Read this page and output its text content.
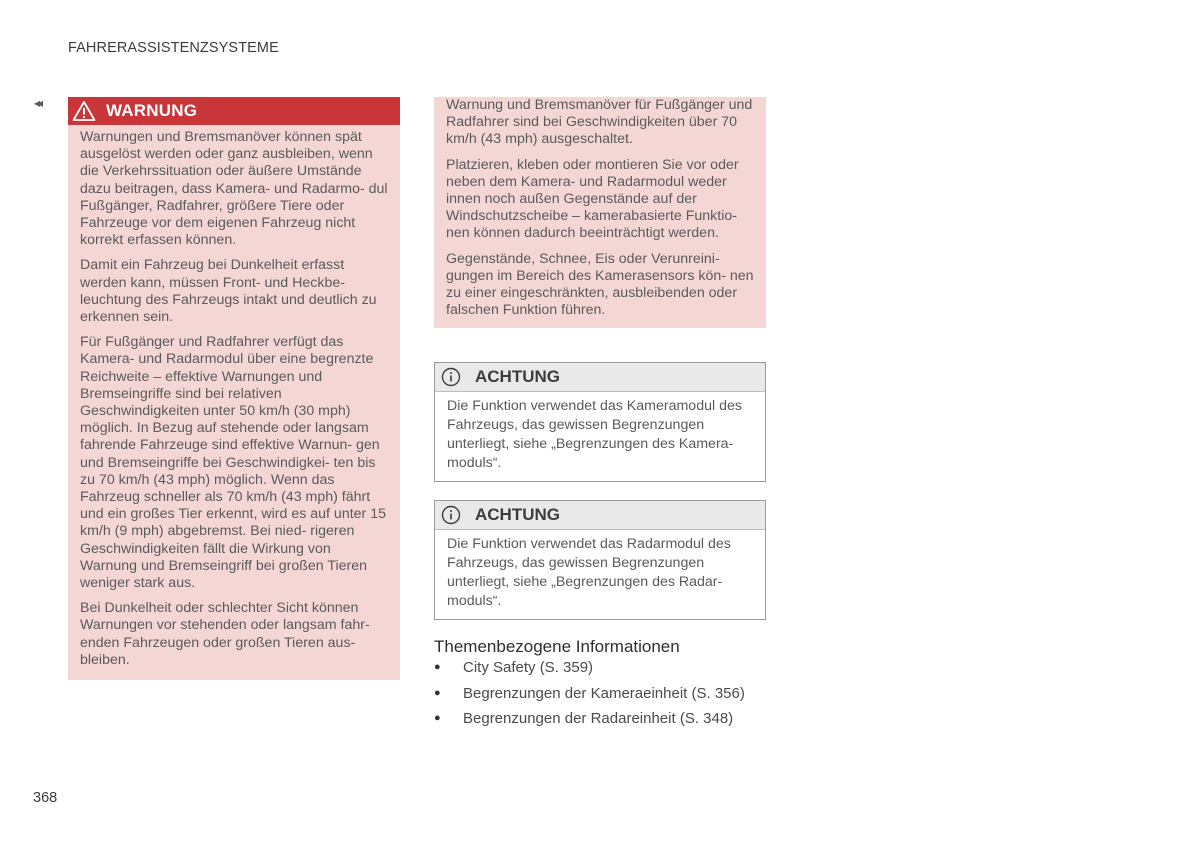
FAHRERASSISTENZSYSTEME
◂◂	WARNUNG

Warnungen und Bremsmanöver können spät ausgelöst werden oder ganz ausbleiben, wenn die Verkehrssituation oder äußere Umstände dazu beitragen, dass Kamera- und Radarmo- dul Fußgänger, Radfahrer, größere Tiere oder Fahrzeuge vor dem eigenen Fahrzeug nicht korrekt erfassen können.

Damit ein Fahrzeug bei Dunkelheit erfasst werden kann, müssen Front- und Heckbe- leuchtung des Fahrzeugs intakt und deutlich zu erkennen sein.

Für Fußgänger und Radfahrer verfügt das Kamera- und Radarmodul über eine begrenzte Reichweite – effektive Warnungen und Bremseingriffe sind bei relativen Geschwindigkeiten unter 50 km/h (30 mph) möglich. In Bezug auf stehende oder langsam fahrende Fahrzeuge sind effektive Warnun- gen und Bremseingriffe bei Geschwindigkei- ten bis zu 70 km/h (43 mph) möglich. Wenn das Fahrzeug schneller als 70 km/h (43 mph) fährt und ein großes Tier erkennt, wird es auf unter 15 km/h (9 mph) abgebremst. Bei nied- rigeren Geschwindigkeiten fällt die Wirkung von Warnung und Bremseingriff bei großen Tieren weniger stark aus.

Bei Dunkelheit oder schlechter Sicht können Warnungen vor stehenden oder langsam fahr- enden Fahrzeugen oder großen Tieren aus- bleiben.

Warnung und Bremsmanöver für Fußgänger und Radfahrer sind bei Geschwindigkeiten über 70 km/h (43 mph) ausgeschaltet.

Platzieren, kleben oder montieren Sie vor oder neben dem Kamera- und Radarmodul weder innen noch außen Gegenstände auf der Windschutzscheibe – kamerabasierte Funktio- nen können dadurch beeinträchtigt werden.

Gegenstände, Schnee, Eis oder Verunreini- gungen im Bereich des Kamerasensors kön- nen zu einer eingeschränkten, ausbleibenden oder falschen Funktion führen.

ACHTUNG
Die Funktion verwendet das Kameramodul des Fahrzeugs, das gewissen Begrenzungen unterliegt, siehe „Begrenzungen des Kamera- moduls“.
ACHTUNG
Die Funktion verwendet das Radarmodul des Fahrzeugs, das gewissen Begrenzungen unterliegt, siehe „Begrenzungen des Radar- moduls“.
Themenbezogene Informationen
●	City Safety (S. 359)
●	Begrenzungen der Kameraeinheit (S. 356)
●	Begrenzungen der Radareinheit (S. 348)
368
